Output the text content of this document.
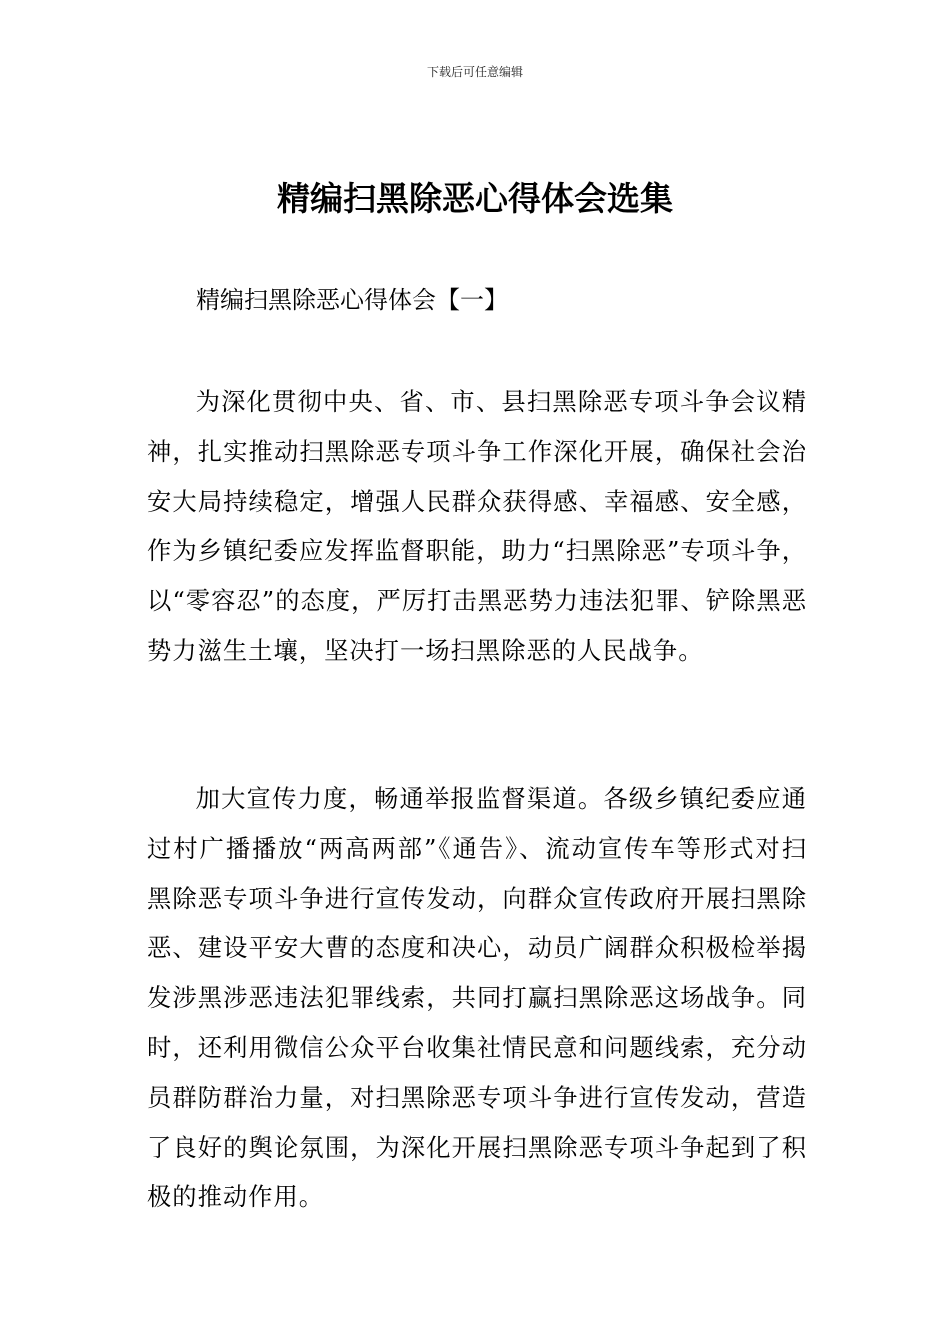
下载后可任意编辑
精编扫黑除恶心得体会选集
精编扫黑除恶心得体会【一】

为深化贯彻中央、省、市、县扫黑除恶专项斗争会议精神，扎实推动扫黑除恶专项斗争工作深化开展，确保社会治安大局持续稳定，增强人民群众获得感、幸福感、安全感，作为乡镇纪委应发挥监督职能，助力“扫黑除恶”专项斗争，以“零容忍”的态度，严厉打击黑恶势力违法犯罪、铲除黑恶势力滋生土壤，坚决打一场扫黑除恶的人民战争。

加大宣传力度，畅通举报监督渠道。各级乡镇纪委应通过村广播播放“两高两部”《通告》、流动宣传车等形式对扫黑除恶专项斗争进行宣传发动，向群众宣传政府开展扫黑除恶、建设平安大曹的态度和决心，动员广阔群众积极检举揭发涉黑涉恶违法犯罪线索，共同打赢扫黑除恶这场战争。同时，还利用微信公众平台收集社情民意和问题线索，充分动员群防群治力量，对扫黑除恶专项斗争进行宣传发动，营造了良好的舆论氛围，为深化开展扫黑除恶专项斗争起到了积极的推动作用。
